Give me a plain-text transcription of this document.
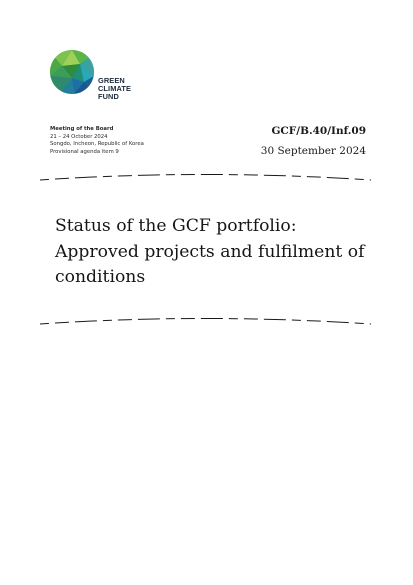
GREEN
CLIMATE
FUND
Meeting of the Board
21 – 24 October 2024
Songdo, Incheon, Republic of Korea
Provisional agenda item 9
GCF/B.40/Inf.09
30 September 2024
Status of the GCF portfolio:
Approved projects and fulfilment of
conditions
